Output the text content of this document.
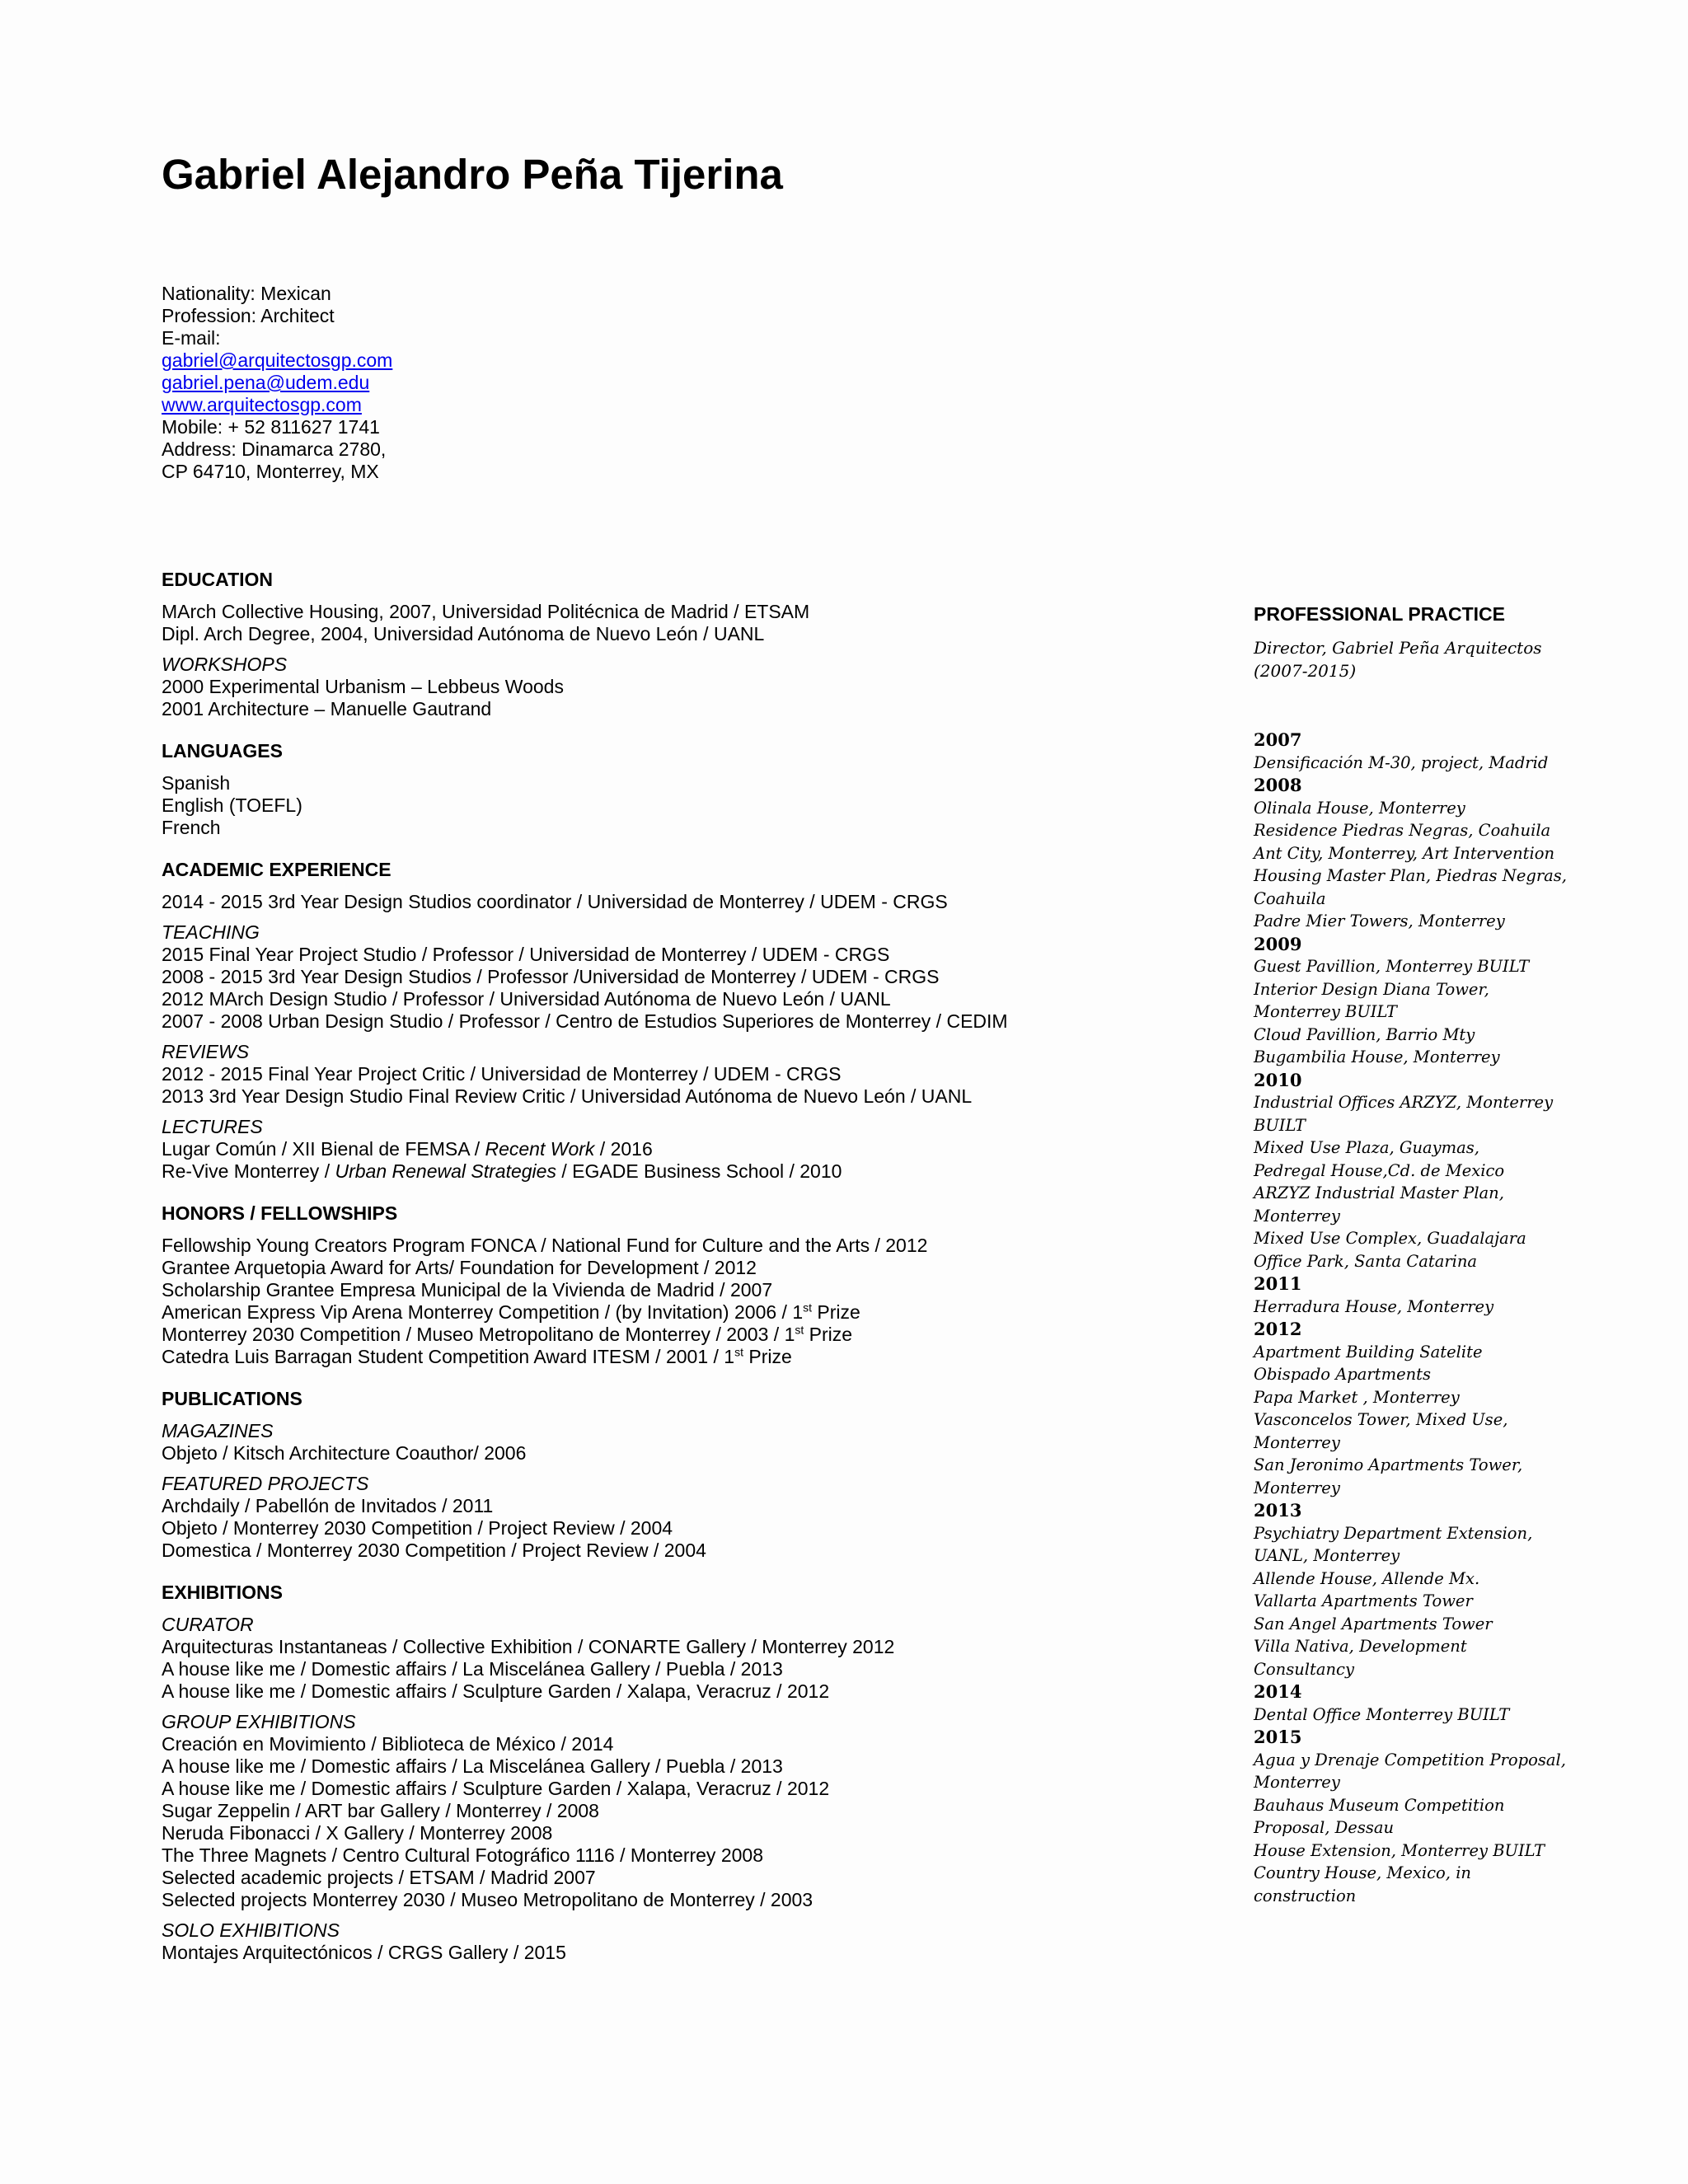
Gabriel Alejandro Peña Tijerina
Nationality: Mexican
Profession: Architect
E-mail:
gabriel@arquitectosgp.com
gabriel.pena@udem.edu
www.arquitectosgp.com
Mobile: + 52 811627 1741
Address: Dinamarca 2780,
CP 64710, Monterrey, MX
EDUCATION
MArch Collective Housing, 2007, Universidad Politécnica de Madrid / ETSAM
Dipl. Arch Degree, 2004, Universidad Autónoma de Nuevo León / UANL
WORKSHOPS
2000 Experimental Urbanism – Lebbeus Woods
2001 Architecture – Manuelle Gautrand
LANGUAGES
Spanish
English (TOEFL)
French
ACADEMIC EXPERIENCE
2014 - 2015 3rd Year Design Studios coordinator / Universidad de Monterrey / UDEM - CRGS
TEACHING
2015 Final Year Project Studio / Professor / Universidad de Monterrey / UDEM - CRGS
2008 - 2015 3rd Year Design Studios / Professor /Universidad de Monterrey / UDEM - CRGS
2012 MArch Design Studio / Professor / Universidad Autónoma de Nuevo León / UANL
2007 - 2008 Urban Design Studio / Professor / Centro de Estudios Superiores de Monterrey / CEDIM
REVIEWS
2012 - 2015 Final Year Project Critic / Universidad de Monterrey / UDEM - CRGS
2013 3rd Year Design Studio Final Review Critic / Universidad Autónoma de Nuevo León / UANL
LECTURES
Lugar Común / XII Bienal de FEMSA / Recent Work / 2016
Re-Vive Monterrey / Urban Renewal Strategies / EGADE Business School / 2010
HONORS / FELLOWSHIPS
Fellowship Young Creators Program FONCA / National Fund for Culture and the Arts / 2012
Grantee Arquetopia Award for Arts/ Foundation for Development / 2012
Scholarship Grantee Empresa Municipal de la Vivienda de Madrid / 2007
American Express Vip Arena Monterrey Competition / (by Invitation) 2006 / 1st Prize
Monterrey 2030 Competition / Museo Metropolitano de Monterrey / 2003 / 1st Prize
Catedra Luis Barragan Student Competition Award ITESM / 2001 / 1st Prize
PUBLICATIONS
MAGAZINES
Objeto / Kitsch Architecture Coauthor/ 2006
FEATURED PROJECTS
Archdaily / Pabellón de Invitados / 2011
Objeto / Monterrey 2030 Competition / Project Review / 2004
Domestica / Monterrey 2030 Competition / Project Review / 2004
EXHIBITIONS
CURATOR
Arquitecturas Instantaneas / Collective Exhibition / CONARTE Gallery / Monterrey 2012
A house like me / Domestic affairs / La Miscelánea Gallery / Puebla / 2013
A house like me / Domestic affairs / Sculpture Garden / Xalapa, Veracruz / 2012
GROUP EXHIBITIONS
Creación en Movimiento / Biblioteca de México / 2014
A house like me / Domestic affairs / La Miscelánea Gallery / Puebla / 2013
A house like me / Domestic affairs / Sculpture Garden / Xalapa, Veracruz / 2012
Sugar Zeppelin / ART bar Gallery / Monterrey / 2008
Neruda Fibonacci / X Gallery / Monterrey 2008
The Three Magnets / Centro Cultural Fotográfico 1116 / Monterrey 2008
Selected academic projects / ETSAM / Madrid 2007
Selected projects Monterrey 2030 / Museo Metropolitano de Monterrey / 2003
SOLO EXHIBITIONS
Montajes Arquitectónicos / CRGS Gallery / 2015
PROFESSIONAL PRACTICE
Director, Gabriel Peña Arquitectos
(2007-2015)
2007
Densificación M-30, project, Madrid
2008
Olinala House, Monterrey
Residence Piedras Negras, Coahuila
Ant City, Monterrey, Art Intervention
Housing Master Plan, Piedras Negras,
Coahuila
Padre Mier Towers, Monterrey
2009
Guest Pavillion, Monterrey BUILT
Interior Design Diana Tower,
Monterrey BUILT
Cloud Pavillion, Barrio Mty
Bugambilia House, Monterrey
2010
Industrial Offices ARZYZ, Monterrey
BUILT
Mixed Use Plaza, Guaymas,
Pedregal House,Cd. de Mexico
ARZYZ Industrial Master Plan,
Monterrey
Mixed Use Complex, Guadalajara
Office Park, Santa Catarina
2011
Herradura House, Monterrey
2012
Apartment Building Satelite
Obispado Apartments
Papa Market , Monterrey
Vasconcelos Tower, Mixed Use,
Monterrey
San Jeronimo Apartments Tower,
Monterrey
2013
Psychiatry Department Extension,
UANL, Monterrey
Allende House, Allende Mx.
Vallarta Apartments Tower
San Angel Apartments Tower
Villa Nativa, Development
Consultancy
2014
Dental Office Monterrey BUILT
2015
Agua y Drenaje Competition Proposal,
Monterrey
Bauhaus Museum Competition
Proposal, Dessau
House Extension, Monterrey BUILT
Country House, Mexico, in
construction
